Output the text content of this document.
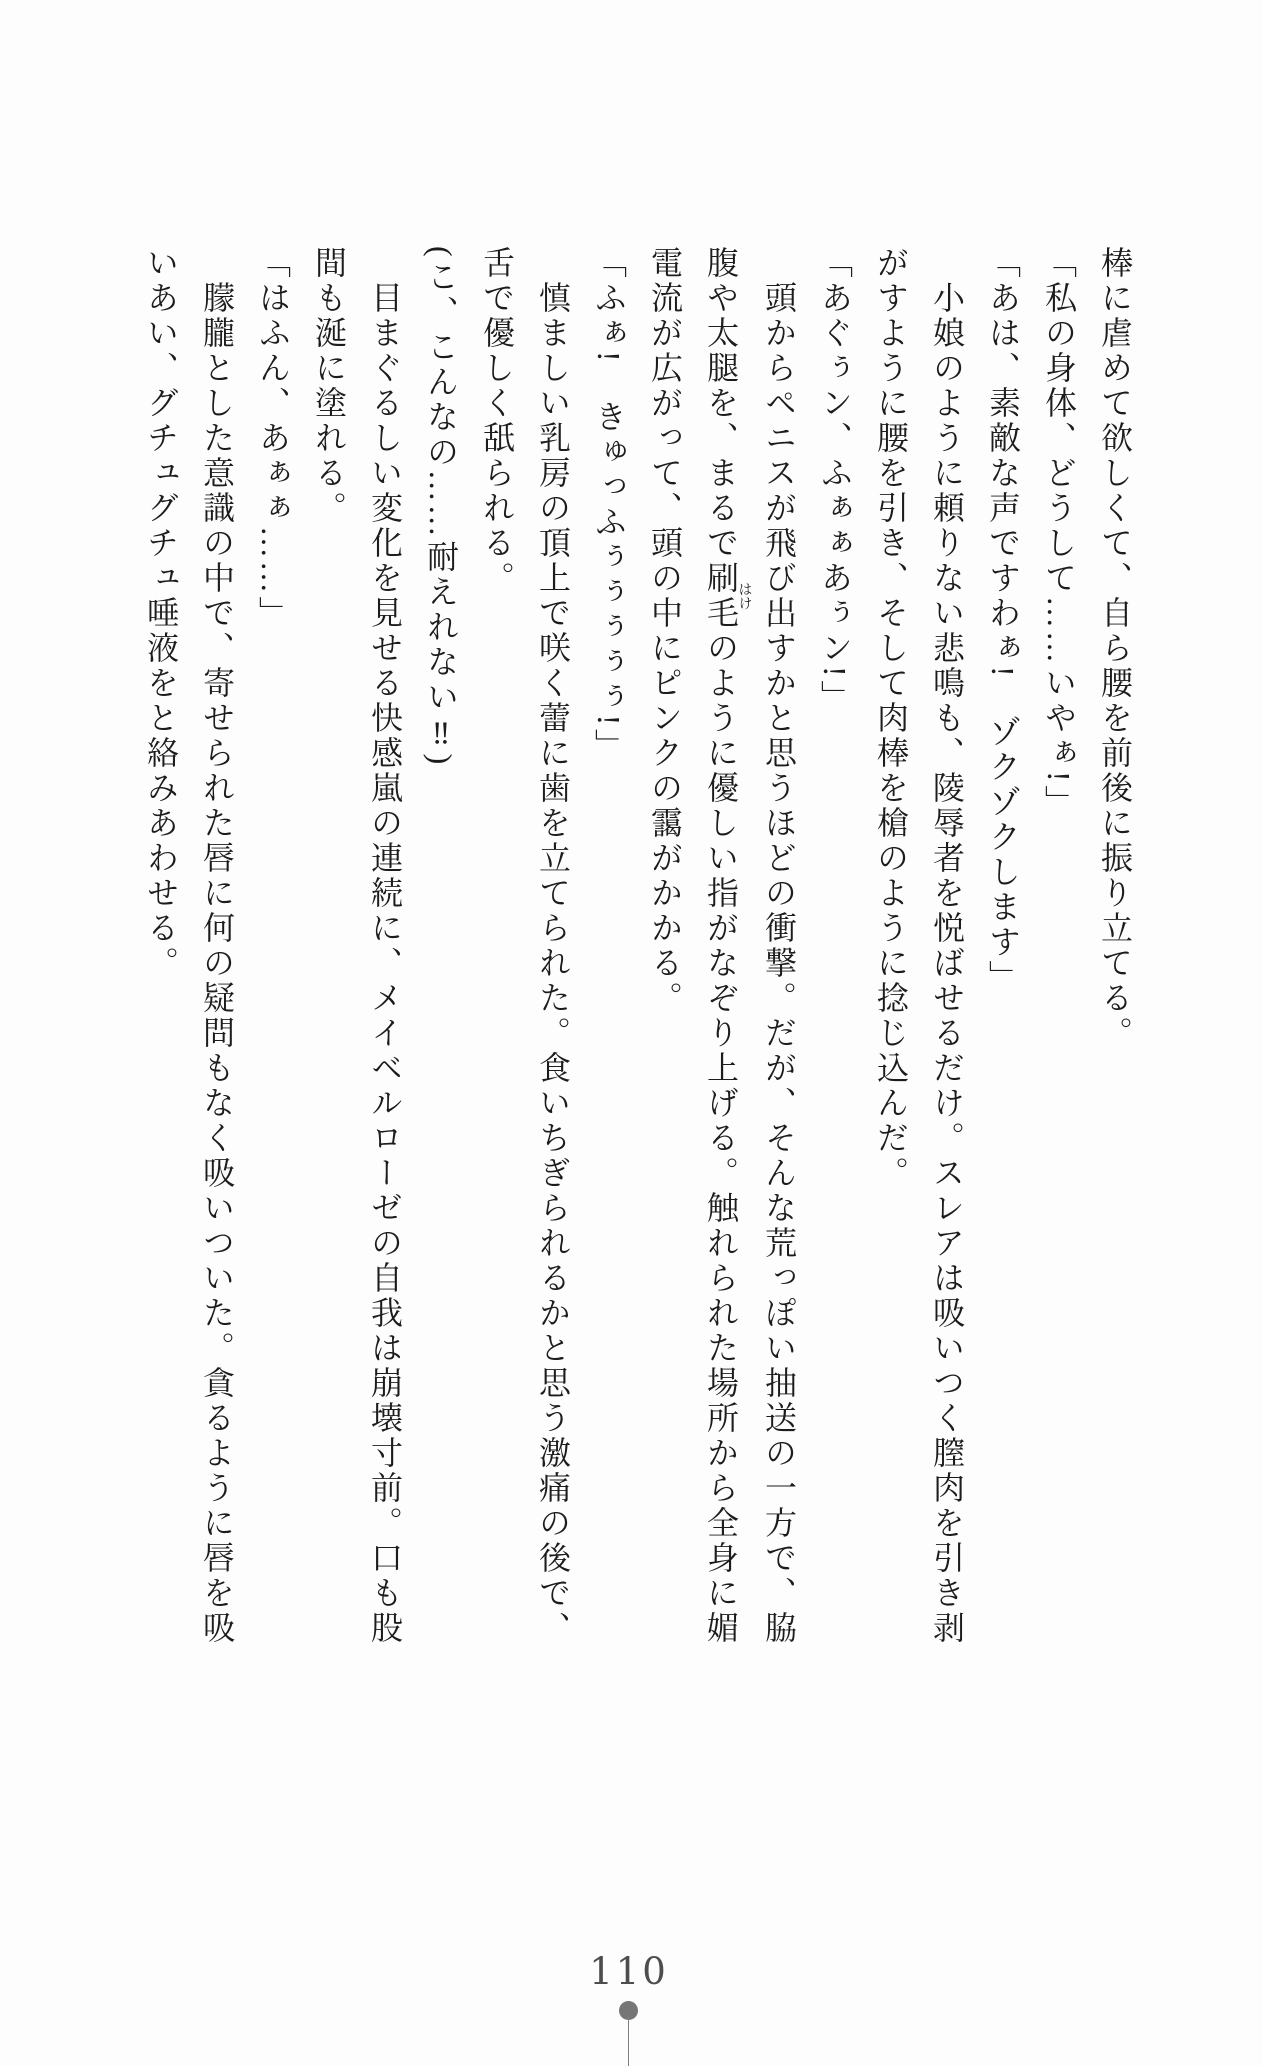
棒に虐めて欲しくて、自ら腰を前後に振り立てる。

「私の身体、どうして……いやぁ!」

「あは、素敵な声ですわぁ!　ゾクゾクします」

小娘のように頼りない悲鳴も、陵辱者を悦ばせるだけ。スレアは吸いつく膣肉を引き剥

がすように腰を引き、そして肉棒を槍のように捻じ込んだ。

「あぐぅン、ふぁぁあぅン!」

頭からペニスが飛び出すかと思うほどの衝撃。だが、そんな荒っぽい抽送の一方で、脇

腹や太腿を、まるで刷毛はけのように優しい指がなぞり上げる。触れられた場所から全身に媚

電流が広がって、頭の中にピンクの靄がかかる。

「ふぁ!　きゅっふぅぅぅぅぅ!」

慎ましい乳房の頂上で咲く蕾に歯を立てられた。食いちぎられるかと思う激痛の後で、

舌で優しく舐られる。

(こ、こんなの……耐えれない‼)

目まぐるしい変化を見せる快感嵐の連続に、メイベルローゼの自我は崩壊寸前。口も股

間も涎に塗れる。

「はふん、あぁぁ……」

朦朧とした意識の中で、寄せられた唇に何の疑問もなく吸いついた。貪るように唇を吸

いあい、グチュグチュ唾液をと絡みあわせる。

110
